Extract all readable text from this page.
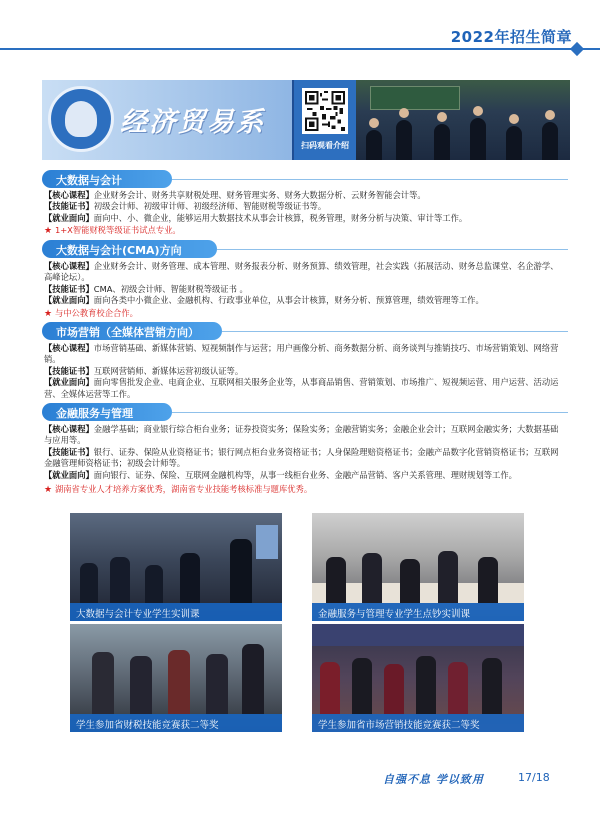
2022年招生简章
经济贸易系
扫码观看介绍
大数据与会计
【核心课程】企业财务会计、财务共享财税处理、财务管理实务、财务大数据分析、云财务智能会计等。
【技能证书】初级会计师、初级审计师、初级经济师、智能财税等级证书等。
【就业面向】面向中、小、微企业，能够运用大数据技术从事会计核算，税务管理，财务分析与决策、审计等工作。
★ 1+X智能财税等级证书试点专业。
大数据与会计(CMA)方向
【核心课程】企业财务会计、财务管理、成本管理、财务报表分析、财务预算、绩效管理，社会实践（拓展活动、财务总监课堂、名企游学、高峰论坛）。
【技能证书】CMA、初级会计师、智能财税等级证书 。
【就业面向】面向各类中小微企业、金融机构、行政事业单位，从事会计核算，财务分析、预算管理，绩效管理等工作。
★ 与中公教育校企合作。
市场营销（全媒体营销方向）
【核心课程】市场营销基础、新媒体营销、短视频制作与运营；用户画像分析、商务数据分析、商务谈判与推销技巧、市场营销策划、网络营销。
【技能证书】互联网营销师、新媒体运营初级认证等。
【就业面向】面向零售批发企业、电商企业、互联网相关服务企业等，从事商品销售、营销策划、市场推广、短视频运营、用户运营、活动运营、全媒体运营等工作。
金融服务与管理
【核心课程】金融学基础；商业银行综合柜台业务；证券投资实务；保险实务；金融营销实务；金融企业会计；互联网金融实务；大数据基础与应用等。
【技能证书】银行、证券、保险从业资格证书；银行网点柜台业务资格证书；人身保险理赔资格证书；金融产品数字化营销资格证书；互联网金融管理师资格证书；初级会计师等。
【就业面向】面向银行、证券、保险、互联网金融机构等，从事一线柜台业务、金融产品营销、客户关系管理、理财规划等工作。
★ 湖南省专业人才培养方案优秀，湖南省专业技能考核标准与题库优秀。
大数据与会计专业学生实训课	金融服务与管理专业学生点钞实训课
学生参加省财税技能竞赛获二等奖	学生参加省市场营销技能竞赛获二等奖
自强不息 学以致用	17/18
